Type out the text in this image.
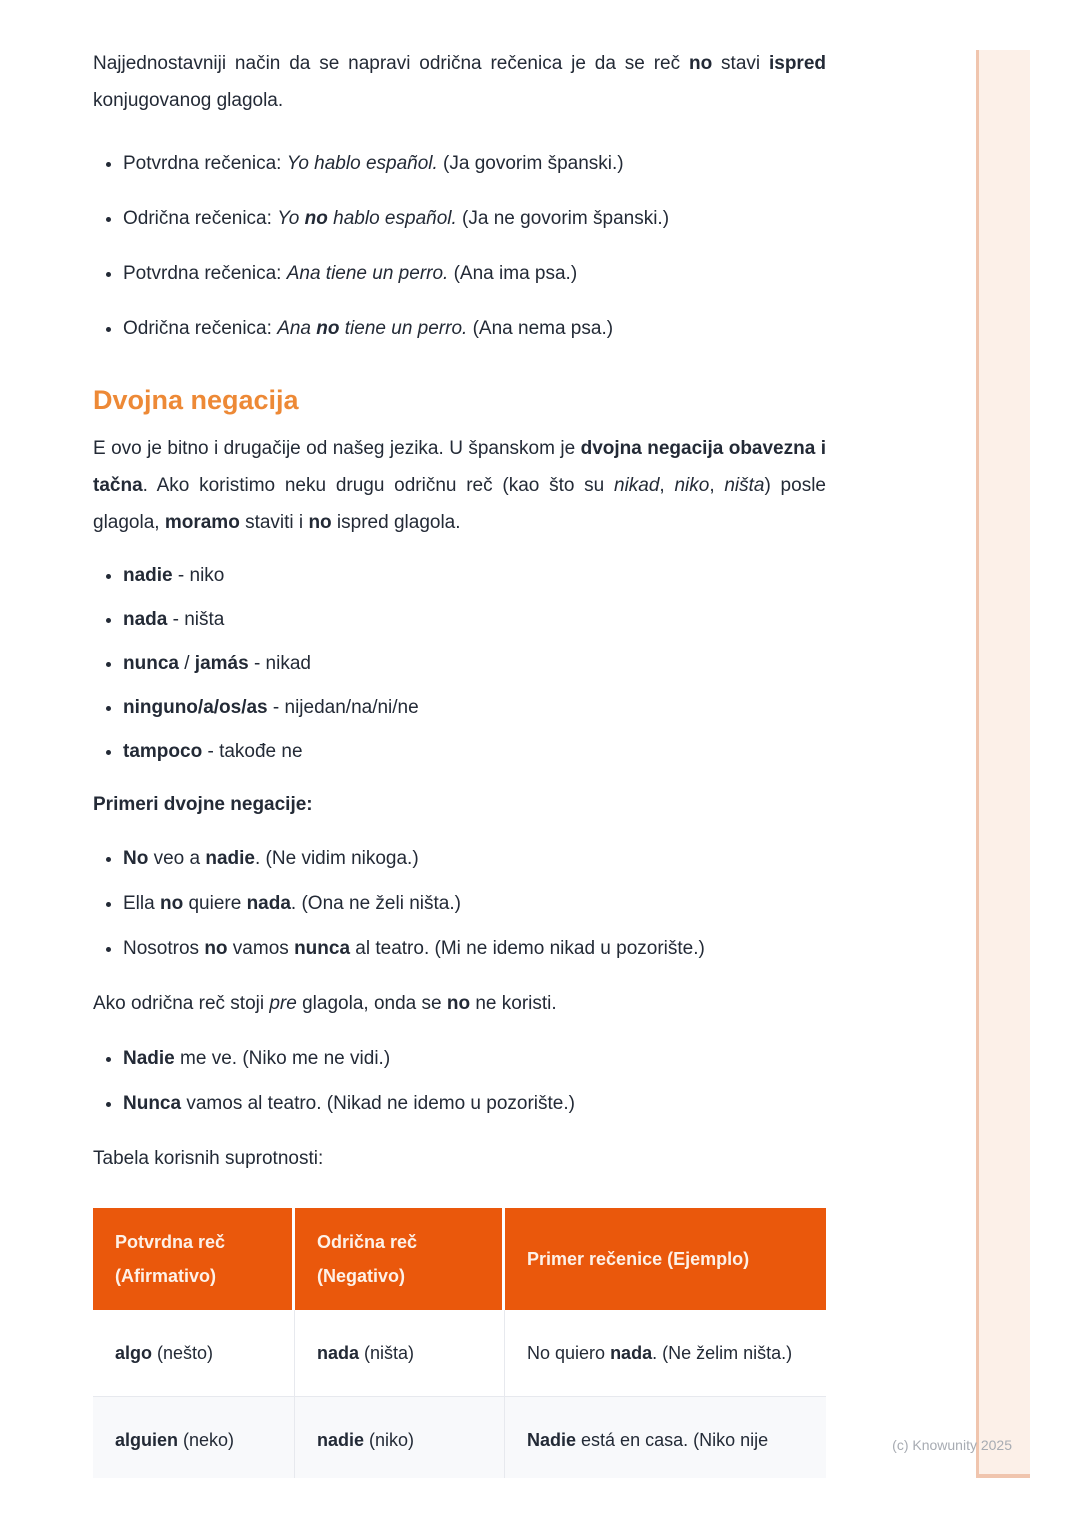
Najjednostavniji način da se napravi odrična rečenica je da se reč no stavi ispred konjugovanog glagola.

• Potvrdna rečenica: Yo hablo español. (Ja govorim španski.)
• Odrična rečenica: Yo no hablo español. (Ja ne govorim španski.)
• Potvrdna rečenica: Ana tiene un perro. (Ana ima psa.)
• Odrična rečenica: Ana no tiene un perro. (Ana nema psa.)
Dvojna negacija

E ovo je bitno i drugačije od našeg jezika. U španskom je dvojna negacija obavezna i tačna. Ako koristimo neku drugu odričnu reč (kao što su nikad, niko, ništa) posle glagola, moramo staviti i no ispred glagola.

• nadie - niko
• nada - ništa
• nunca / jamás - nikad
• ninguno/a/os/as - nijedan/na/ni/ne
• tampoco - takođe ne

Primeri dvojne negacije:

• No veo a nadie. (Ne vidim nikoga.)
• Ella no quiere nada. (Ona ne želi ništa.)
• Nosotros no vamos nunca al teatro. (Mi ne idemo nikad u pozorište.)

Ako odrična reč stoji pre glagola, onda se no ne koristi.

• Nadie me ve. (Niko me ne vidi.)
• Nunca vamos al teatro. (Nikad ne idemo u pozorište.)

Tabela korisnih suprotnosti:

Potvrdna reč (Afirmativo)	Odrična reč (Negativo)	Primer rečenice (Ejemplo)
algo (nešto)	nada (ništa)	No quiero nada. (Ne želim ništa.)
alguien (neko)	nadie (niko)	Nadie está en casa. (Niko nije	(c) Knowunity 2025
